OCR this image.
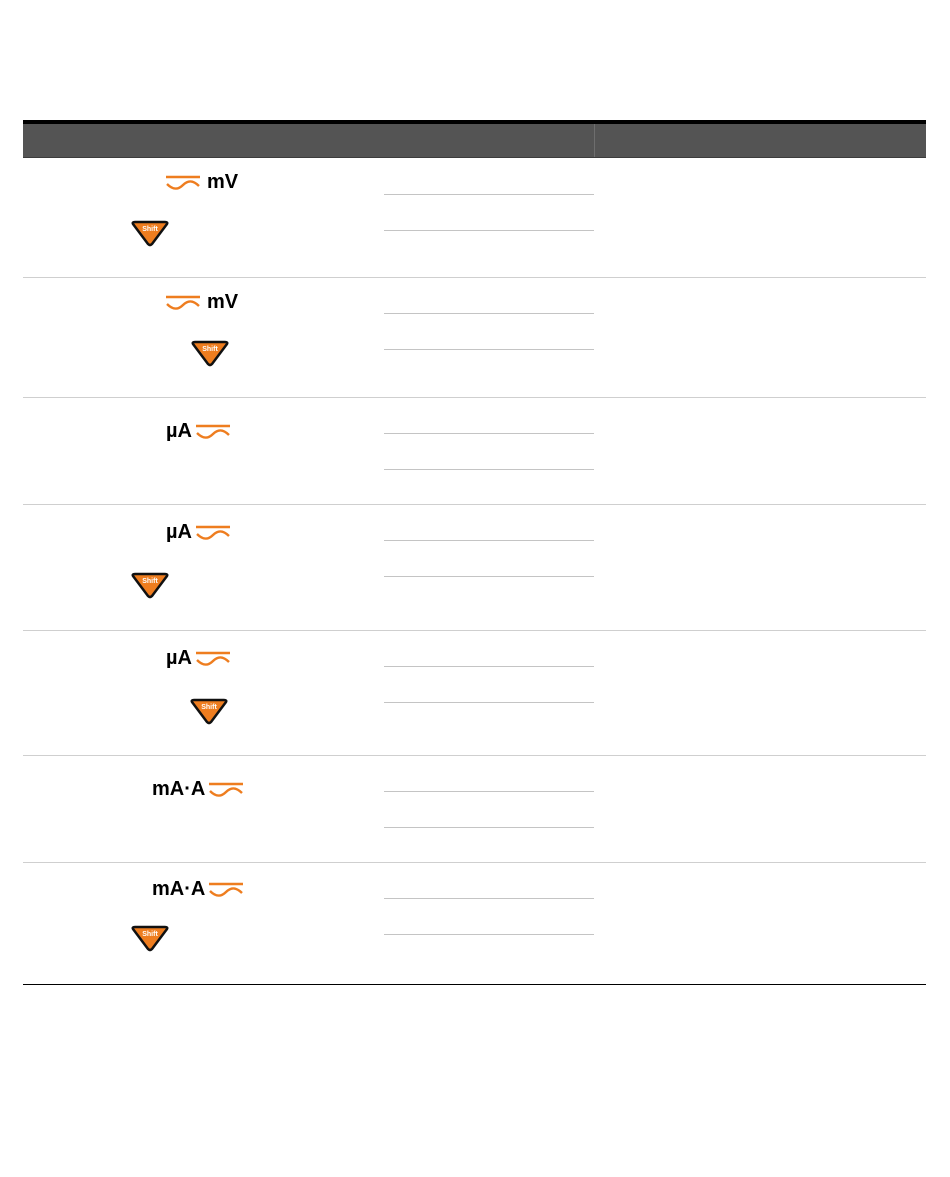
mV
Shift
mV
Shift
µA
µA
Shift
µA
Shift
mA·A
mA·A
Shift
